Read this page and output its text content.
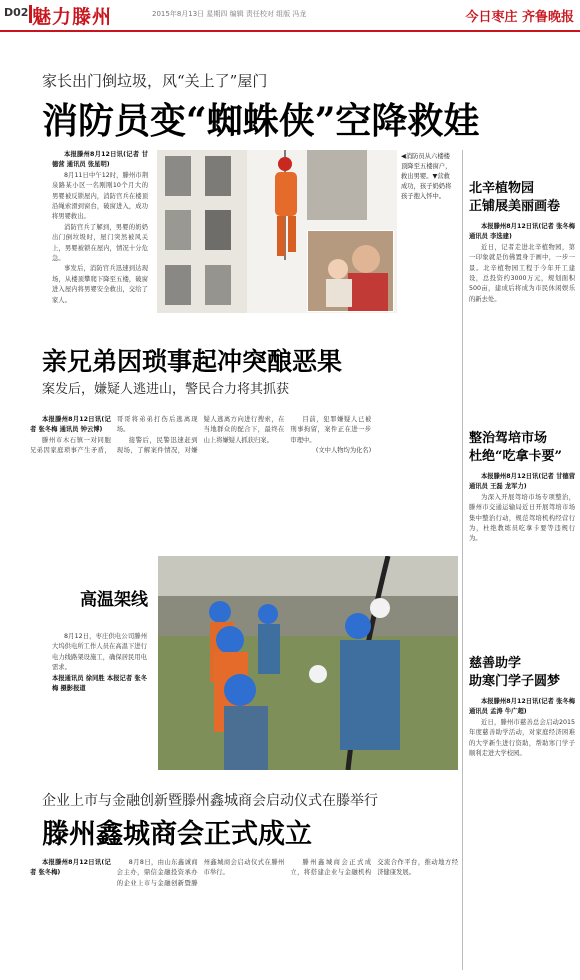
D02 魅力滕州	2015年8月13日 星期四 编辑 责任校对 组版 冯龙	今日枣庄 齐鲁晚报
家长出门倒垃圾，风“关上了”屋门
消防员变“蜘蛛侠”空降救娃

本报滕州8月12日讯(记者 甘德营 通讯员 张星明)

8月11日中午12时，滕州市荆泉路某小区一名刚刚10个月大的男婴被反锁屋内，消防官兵在楼顶沿绳索滑到窗台，破窗进入，成功将男婴救出。

消防官兵了解到，男婴的奶奶出门倒垃圾时，屋门突然被风关上，男婴被锁在屋内，情况十分危急。

事发后，消防官兵迅速到达现场，从楼顶攀爬下降至五楼，破窗进入屋内将男婴安全救出，交给了家人。

◀消防员从六楼楼顶降至五楼窗户，救出男婴。▼营救成功，孩子奶奶将孩子抱入怀中。
亲兄弟因琐事起冲突酿恶果
案发后，嫌疑人逃进山，警民合力将其抓获

本报滕州8月12日讯(记者 张冬梅 通讯员 钟云博)

滕州市木石镇一对同胞兄弟因家庭琐事产生矛盾，哥哥将弟弟打伤后逃离现场。

接警后，民警迅速赶到现场，了解案件情况，对嫌疑人逃离方向进行搜索，在当地群众的配合下，最终在山上将嫌疑人抓获归案。

目前，犯罪嫌疑人已被刑事拘留，案件正在进一步审理中。

(文中人物均为化名)

高温架线

8月12日，枣庄供电公司滕州大坞供电所工作人员在高温下进行电力线路架设施工，确保居民用电需求。

本报通讯员 徐同胜 本报记者 张冬梅 摄影报道

企业上市与金融创新暨滕州鑫城商会启动仪式在滕举行
滕州鑫城商会正式成立

本报滕州8月12日讯(记者 张冬梅)

8月8日，由山东鑫诚商会主办，鼎信金融投资承办的企业上市与金融创新暨滕州鑫城商会启动仪式在滕州市举行。

滕州鑫城商会正式成立，将搭建企业与金融机构交流合作平台，推动地方经济健康发展。

北辛植物园
正铺展美丽画卷

本报滕州8月12日讯(记者 张冬梅 通讯员 李选建)

近日，记者走进北辛植物园，第一印象就是仿佛置身于画中，一步一景。北辛植物园工程于今年开工建设，总投资约3000万元，规划面积500亩，建成后将成为市民休闲娱乐的新去处。

整治驾培市场
杜绝“吃拿卡要”

本报滕州8月12日讯(记者 甘德营 通讯员 王磊 龙军力)

为深入开展驾培市场专项整治，滕州市交通运输局近日开展驾培市场集中整治行动，规范驾培机构经营行为，杜绝教练员吃拿卡要等违规行为。

慈善助学
助寒门学子圆梦

本报滕州8月12日讯(记者 张冬梅 通讯员 孟涛 牛广超)

近日，滕州市慈善总会启动2015年度慈善助学活动，对家庭经济困难的大学新生进行资助，帮助寒门学子顺利走进大学校园。
